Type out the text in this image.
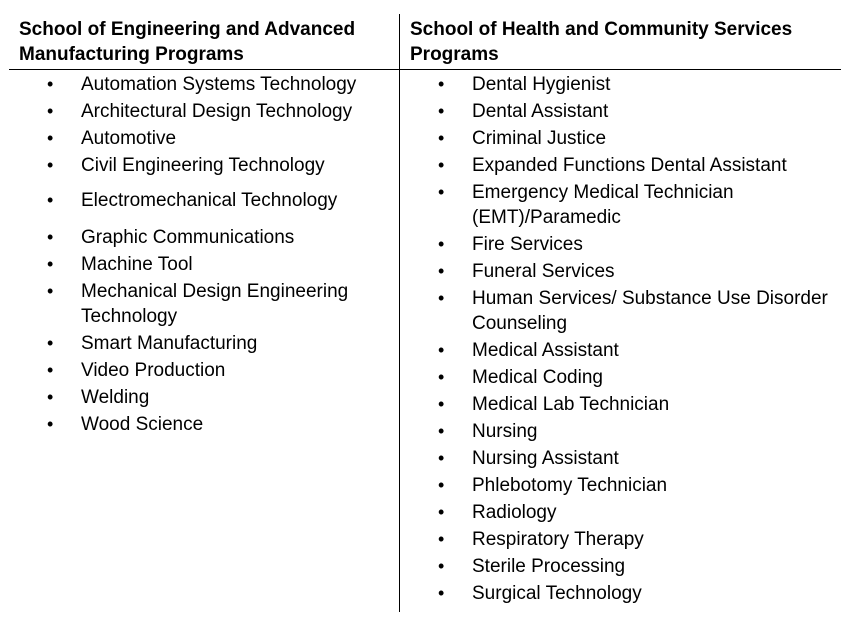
School of Engineering and Advanced Manufacturing Programs
School of Health and Community Services Programs
• Automation Systems Technology
• Architectural Design Technology
• Automotive
• Civil Engineering Technology
• Electromechanical Technology
• Graphic Communications
• Machine Tool
• Mechanical Design Engineering Technology
• Smart Manufacturing
• Video Production
• Welding
• Wood Science
• Dental Hygienist
• Dental Assistant
• Criminal Justice
• Expanded Functions Dental Assistant
• Emergency Medical Technician (EMT)/Paramedic
• Fire Services
• Funeral Services
• Human Services/ Substance Use Disorder Counseling
• Medical Assistant
• Medical Coding
• Medical Lab Technician
• Nursing
• Nursing Assistant
• Phlebotomy Technician
• Radiology
• Respiratory Therapy
• Sterile Processing
• Surgical Technology
